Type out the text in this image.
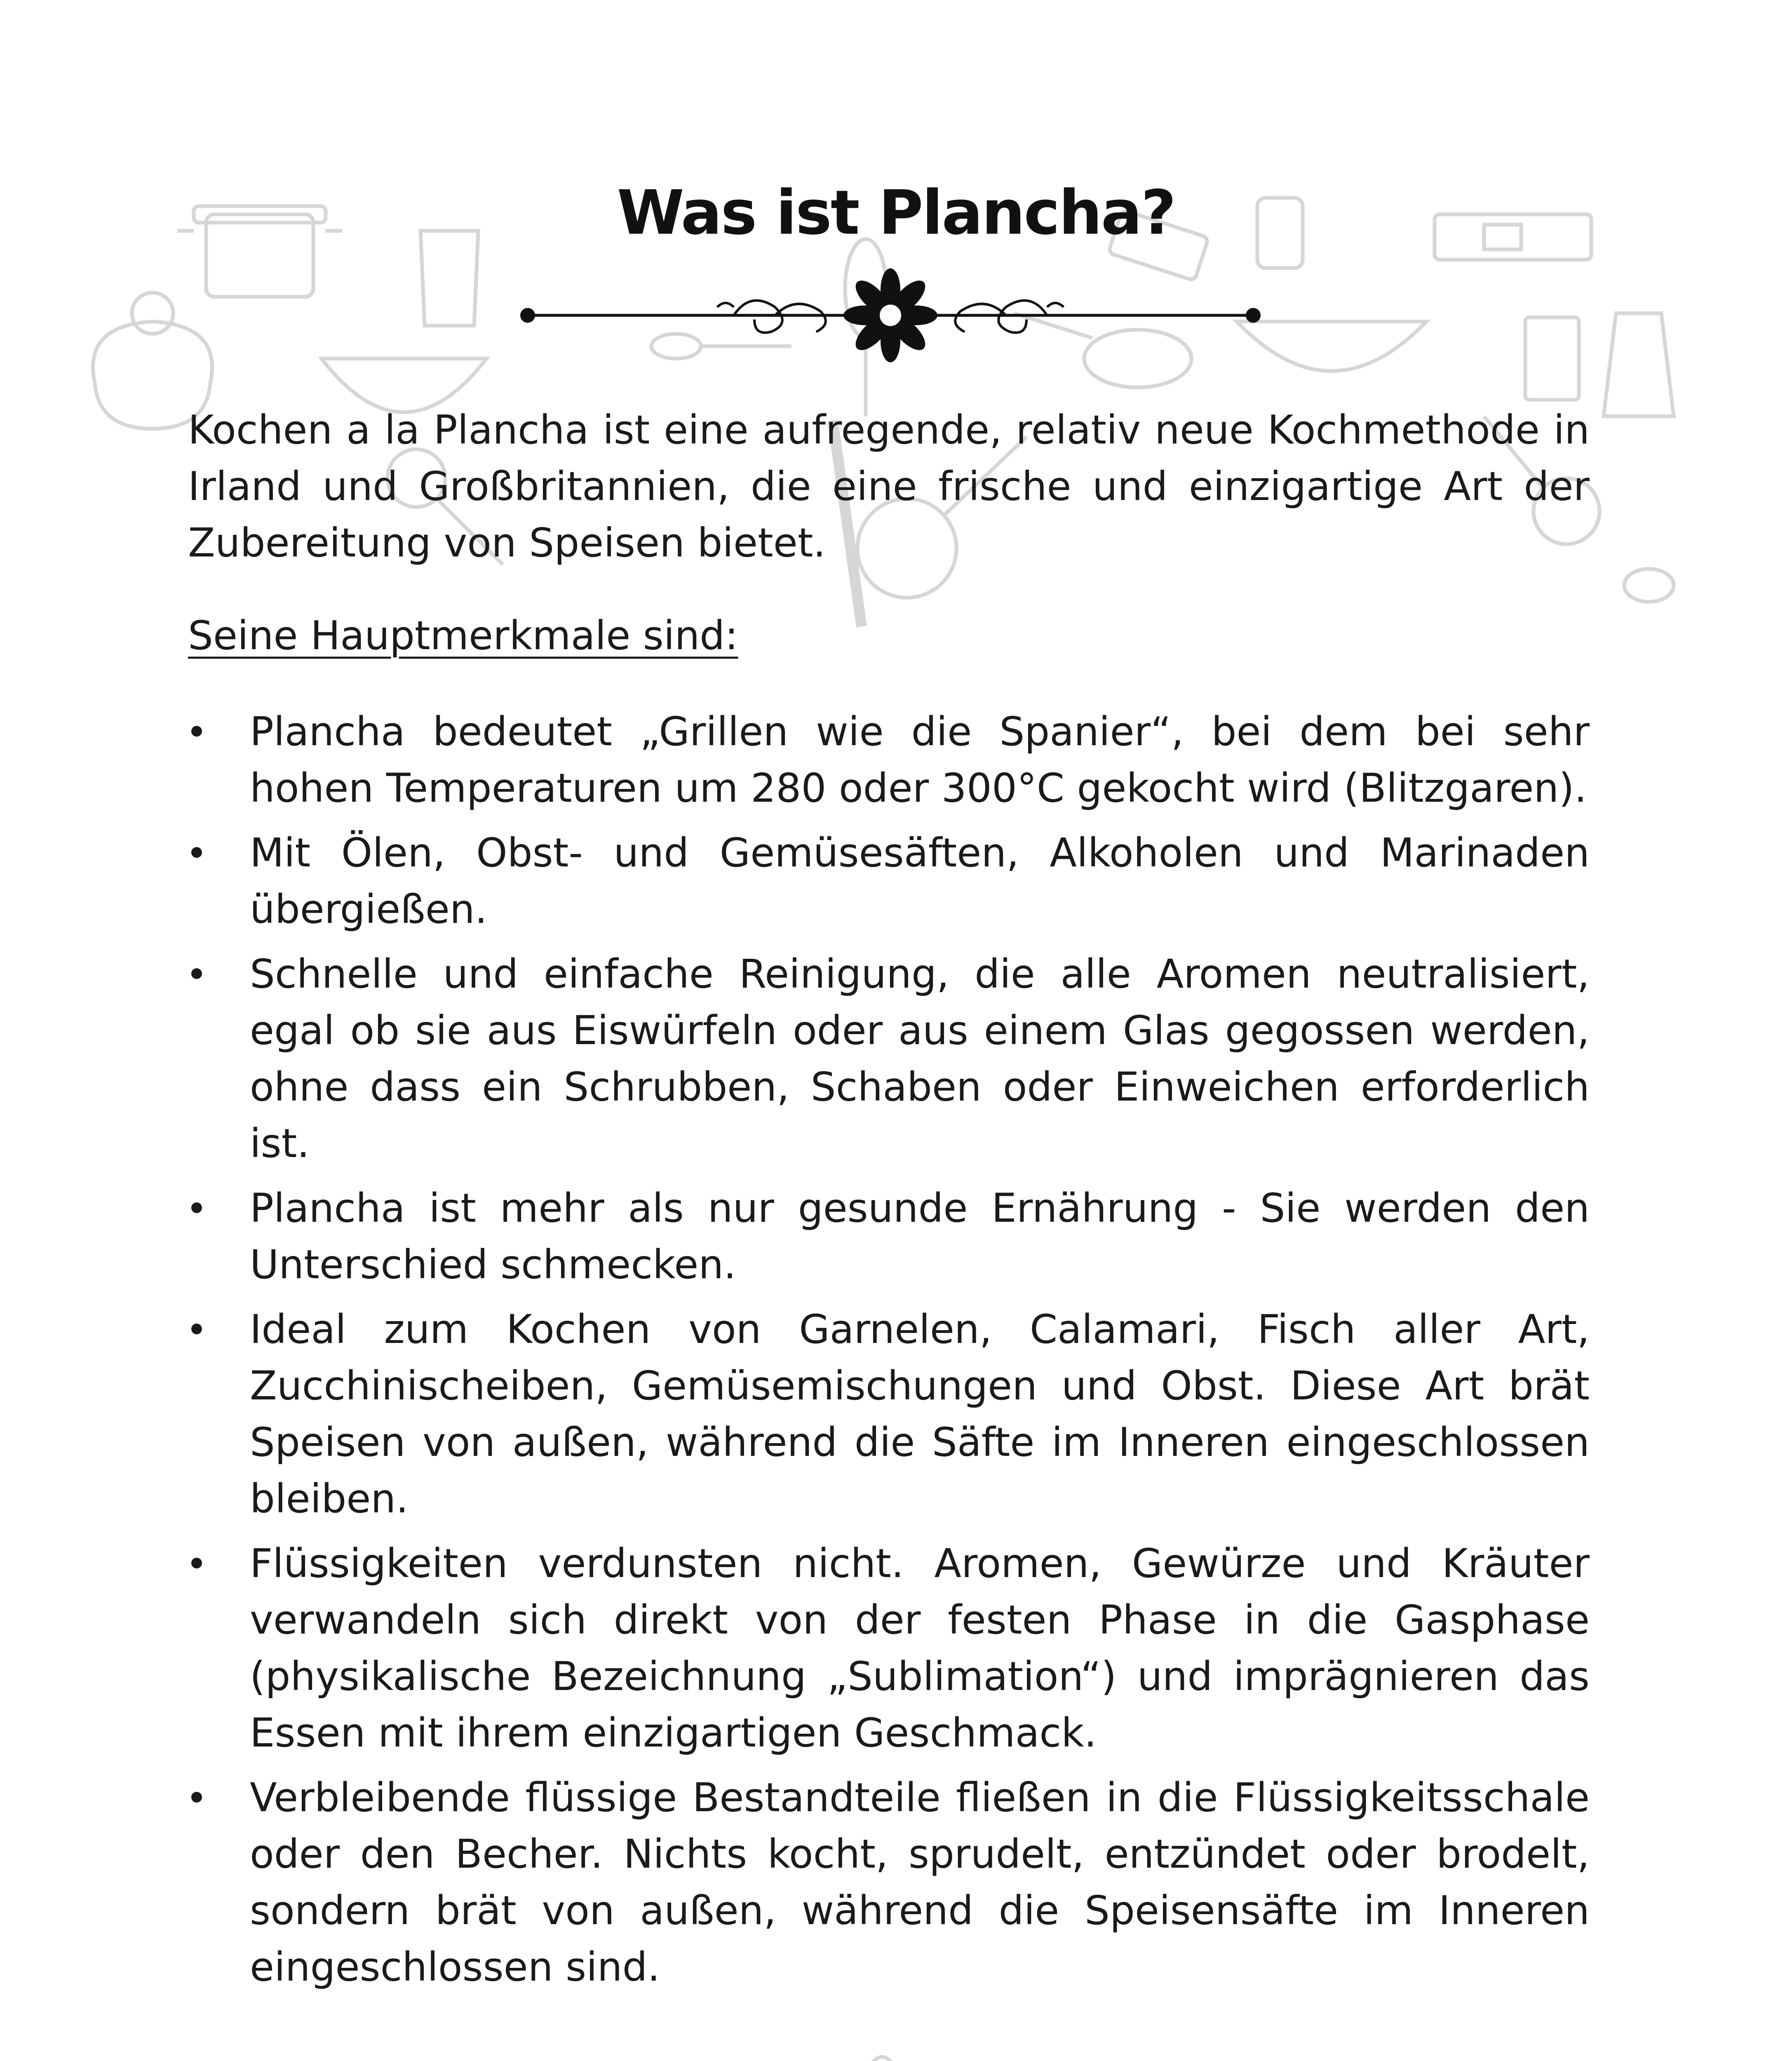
Was ist Plancha?

Kochen a la Plancha ist eine aufregende, relativ neue Kochmethode in Irland und Großbritannien, die eine frische und einzigartige Art der Zubereitung von Speisen bietet.

Seine Hauptmerkmale sind:

Plancha bedeutet „Grillen wie die Spanier“, bei dem bei sehr hohen Temperaturen um 280 oder 300°C gekocht wird (Blitzgaren).
Mit Ölen, Obst- und Gemüsesäften, Alkoholen und Marinaden übergießen.
Schnelle und einfache Reinigung, die alle Aromen neutralisiert, egal ob sie aus Eiswürfeln oder aus einem Glas gegossen werden, ohne dass ein Schrubben, Schaben oder Einweichen erforderlich ist.
Plancha ist mehr als nur gesunde Ernährung - Sie werden den Unterschied schmecken.
Ideal zum Kochen von Garnelen, Calamari, Fisch aller Art, Zucchinischeiben, Gemüsemischungen und Obst. Diese Art brät Speisen von außen, während die Säfte im Inneren eingeschlossen bleiben.
Flüssigkeiten verdunsten nicht. Aromen, Gewürze und Kräuter verwandeln sich direkt von der festen Phase in die Gasphase (physikalische Bezeichnung „Sublimation“) und imprägnieren das Essen mit ihrem einzigartigen Geschmack.
Verbleibende flüssige Bestandteile fließen in die Flüssigkeitsschale oder den Becher. Nichts kocht, sprudelt, entzündet oder brodelt, sondern brät von außen, während die Speisensäfte im Inneren eingeschlossen sind.
